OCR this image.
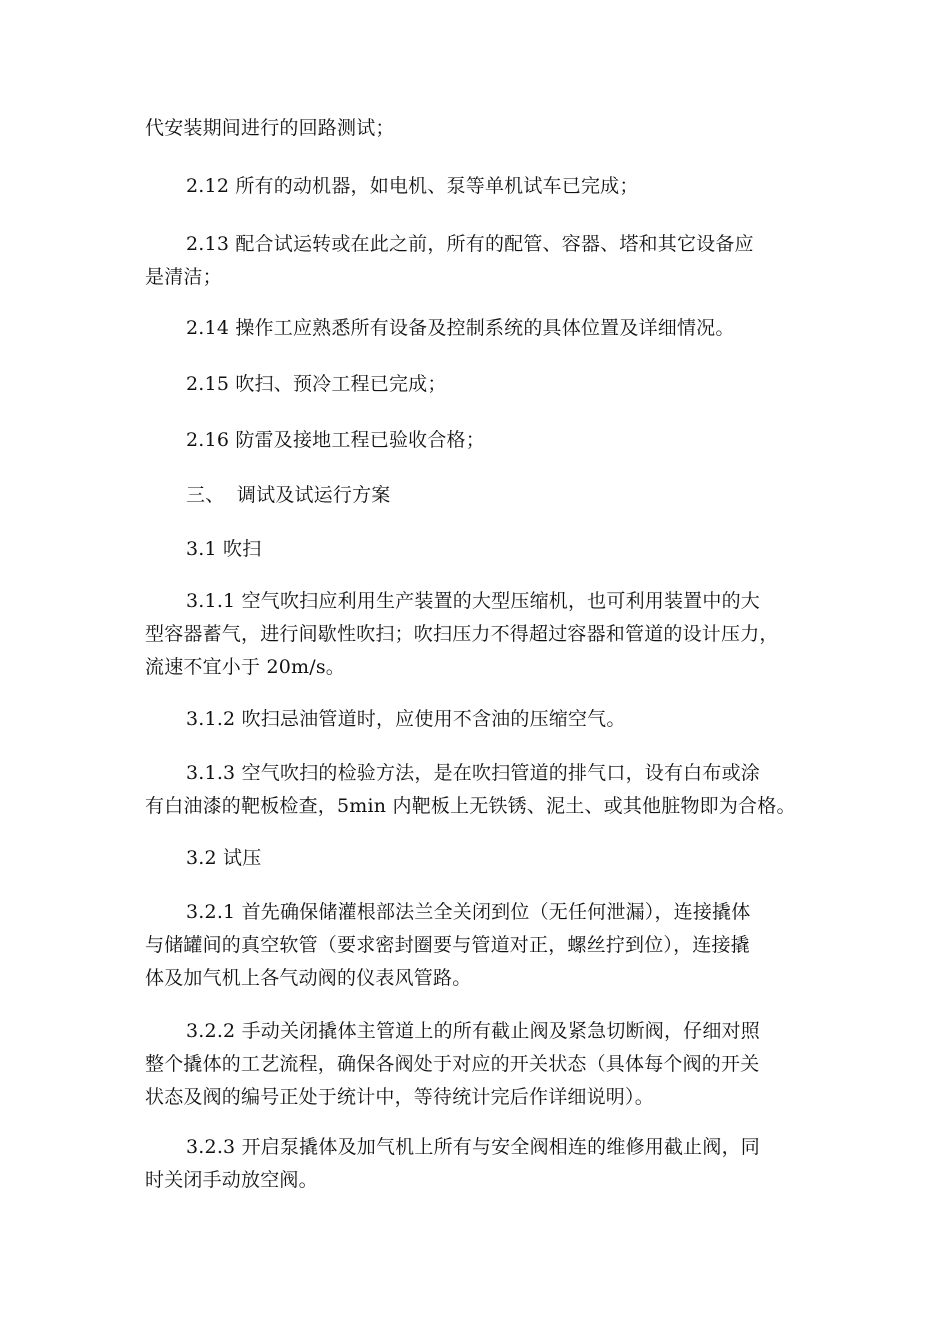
代安装期间进行的回路测试；

2.12 所有的动机器，如电机、泵等单机试车已完成；

2.13 配合试运转或在此之前，所有的配管、容器、塔和其它设备应
是清洁；

2.14 操作工应熟悉所有设备及控制系统的具体位置及详细情况。

2.15 吹扫、预冷工程已完成；

2.16 防雷及接地工程已验收合格；

三、  调试及试运行方案

3.1 吹扫

3.1.1 空气吹扫应利用生产装置的大型压缩机，也可利用装置中的大
型容器蓄气，进行间歇性吹扫；吹扫压力不得超过容器和管道的设计压力，
流速不宜小于 20m/s。

3.1.2 吹扫忌油管道时，应使用不含油的压缩空气。

3.1.3 空气吹扫的检验方法，是在吹扫管道的排气口，设有白布或涂
有白油漆的靶板检查，5min 内靶板上无铁锈、泥土、或其他脏物即为合格。

3.2 试压

3.2.1 首先确保储灌根部法兰全关闭到位（无任何泄漏），连接撬体
与储罐间的真空软管（要求密封圈要与管道对正，螺丝拧到位），连接撬
体及加气机上各气动阀的仪表风管路。
3.2.2 手动关闭撬体主管道上的所有截止阀及紧急切断阀，仔细对照
整个撬体的工艺流程，确保各阀处于对应的开关状态（具体每个阀的开关
状态及阀的编号正处于统计中，等待统计完后作详细说明）。
3.2.3 开启泵撬体及加气机上所有与安全阀相连的维修用截止阀，同
时关闭手动放空阀。
